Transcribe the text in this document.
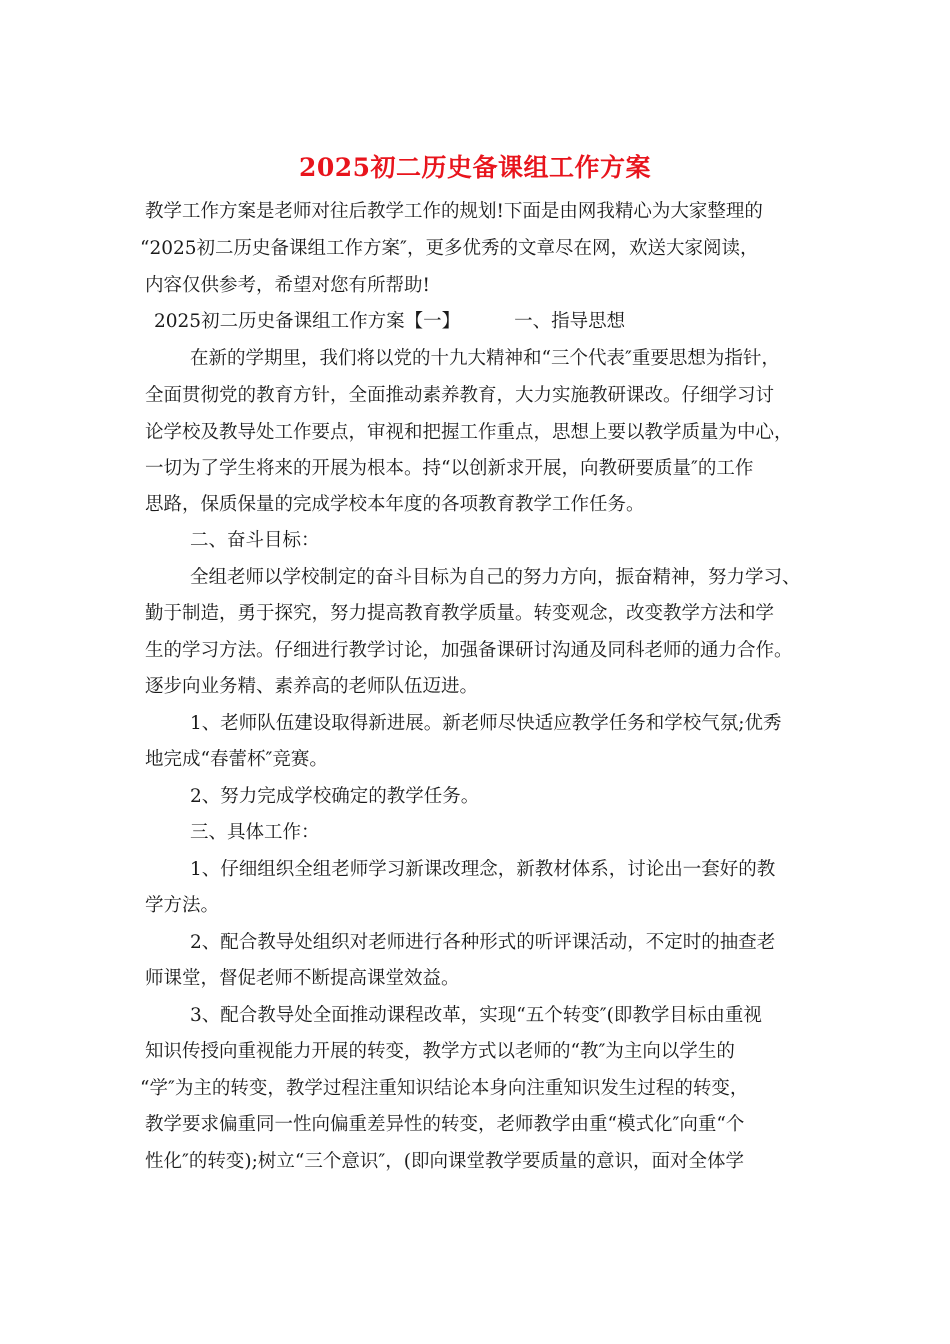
2025初二历史备课组工作方案
教学工作方案是老师对往后教学工作的规划!下面是由网我精心为大家整理的
“2025初二历史备课组工作方案″，更多优秀的文章尽在网，欢送大家阅读，
内容仅供参考，希望对您有所帮助!
2025初二历史备课组工作方案【一】	一、指导思想
在新的学期里，我们将以党的十九大精神和“三个代表″重要思想为指针，
全面贯彻党的教育方针，全面推动素养教育，大力实施教研课改。仔细学习讨
论学校及教导处工作要点，审视和把握工作重点，思想上要以教学质量为中心，
一切为了学生将来的开展为根本。持“以创新求开展，向教研要质量″的工作
思路，保质保量的完成学校本年度的各项教育教学工作任务。
二、奋斗目标：
全组老师以学校制定的奋斗目标为自己的努力方向，振奋精神，努力学习、
勤于制造，勇于探究，努力提高教育教学质量。转变观念，改变教学方法和学
生的学习方法。仔细进行教学讨论，加强备课研讨沟通及同科老师的通力合作。
逐步向业务精、素养高的老师队伍迈进。
1、老师队伍建设取得新进展。新老师尽快适应教学任务和学校气氛;优秀
地完成“春蕾杯″竞赛。
2、努力完成学校确定的教学任务。
三、具体工作：
1、仔细组织全组老师学习新课改理念，新教材体系，讨论出一套好的教
学方法。
2、配合教导处组织对老师进行各种形式的听评课活动，不定时的抽查老
师课堂，督促老师不断提高课堂效益。
3、配合教导处全面推动课程改革，实现“五个转变″(即教学目标由重视
知识传授向重视能力开展的转变，教学方式以老师的“教″为主向以学生的
“学″为主的转变，教学过程注重知识结论本身向注重知识发生过程的转变，
教学要求偏重同一性向偏重差异性的转变，老师教学由重“模式化″向重“个
性化″的转变);树立“三个意识″，(即向课堂教学要质量的意识，面对全体学
